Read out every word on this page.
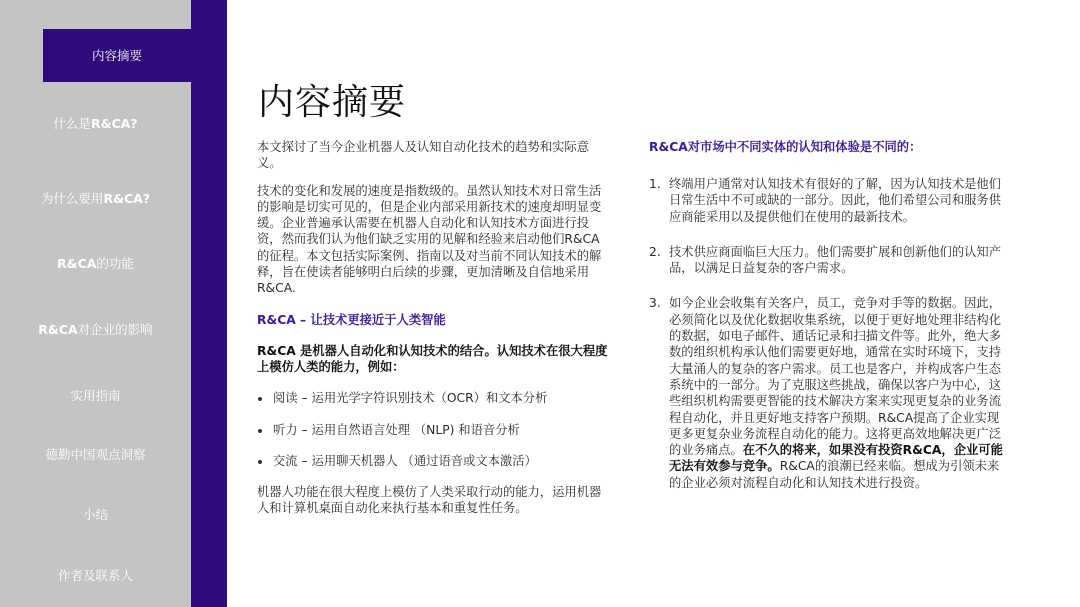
内容摘要
什么是R&CA?
为什么要用R&CA?
R&CA的功能
R&CA对企业的影响
实用指南
德勤中国观点洞察
小结
作者及联系人
内容摘要

本文探讨了当今企业机器人及认知自动化技术的趋势和实际意义。

技术的变化和发展的速度是指数级的。虽然认知技术对日常生活的影响是切实可见的，但是企业内部采用新技术的速度却明显变缓。企业普遍承认需要在机器人自动化和认知技术方面进行投资，然而我们认为他们缺乏实用的见解和经验来启动他们R&CA的征程。本文包括实际案例、指南以及对当前不同认知技术的解释，旨在使读者能够明白后续的步骤，更加清晰及自信地采用R&CA.

R&CA – 让技术更接近于人类智能

R&CA 是机器人自动化和认知技术的结合。认知技术在很大程度上模仿人类的能力，例如：

阅读 – 运用光学字符识别技术（OCR）和文本分析

听力 – 运用自然语言处理 （NLP) 和语音分析

交流 – 运用聊天机器人 （通过语音或文本激活）

机器人功能在很大程度上模仿了人类采取行动的能力，运用机器人和计算机桌面自动化来执行基本和重复性任务。

R&CA对市场中不同实体的认知和体验是不同的：

1. 终端用户通常对认知技术有很好的了解，因为认知技术是他们日常生活中不可或缺的一部分。因此，他们希望公司和服务供应商能采用以及提供他们在使用的最新技术。

2. 技术供应商面临巨大压力。他们需要扩展和创新他们的认知产品，以满足日益复杂的客户需求。

3. 如今企业会收集有关客户，员工，竞争对手等的数据。因此，必须简化以及优化数据收集系统，以便于更好地处理非结构化的数据，如电子邮件、通话记录和扫描文件等。此外，绝大多数的组织机构承认他们需要更好地，通常在实时环境下，支持大量涌人的复杂的客户需求。员工也是客户，并构成客户生态系统中的一部分。为了克服这些挑战，确保以客户为中心，这些组织机构需要更智能的技术解决方案来实现更复杂的业务流程自动化，并且更好地支持客户预期。R&CA提高了企业实现更多更复杂业务流程自动化的能力。这将更高效地解决更广泛的业务痛点。在不久的将来，如果没有投资R&CA，企业可能无法有效参与竞争。R&CA的浪潮已经来临。想成为引领未来的企业必须对流程自动化和认知技术进行投资。
